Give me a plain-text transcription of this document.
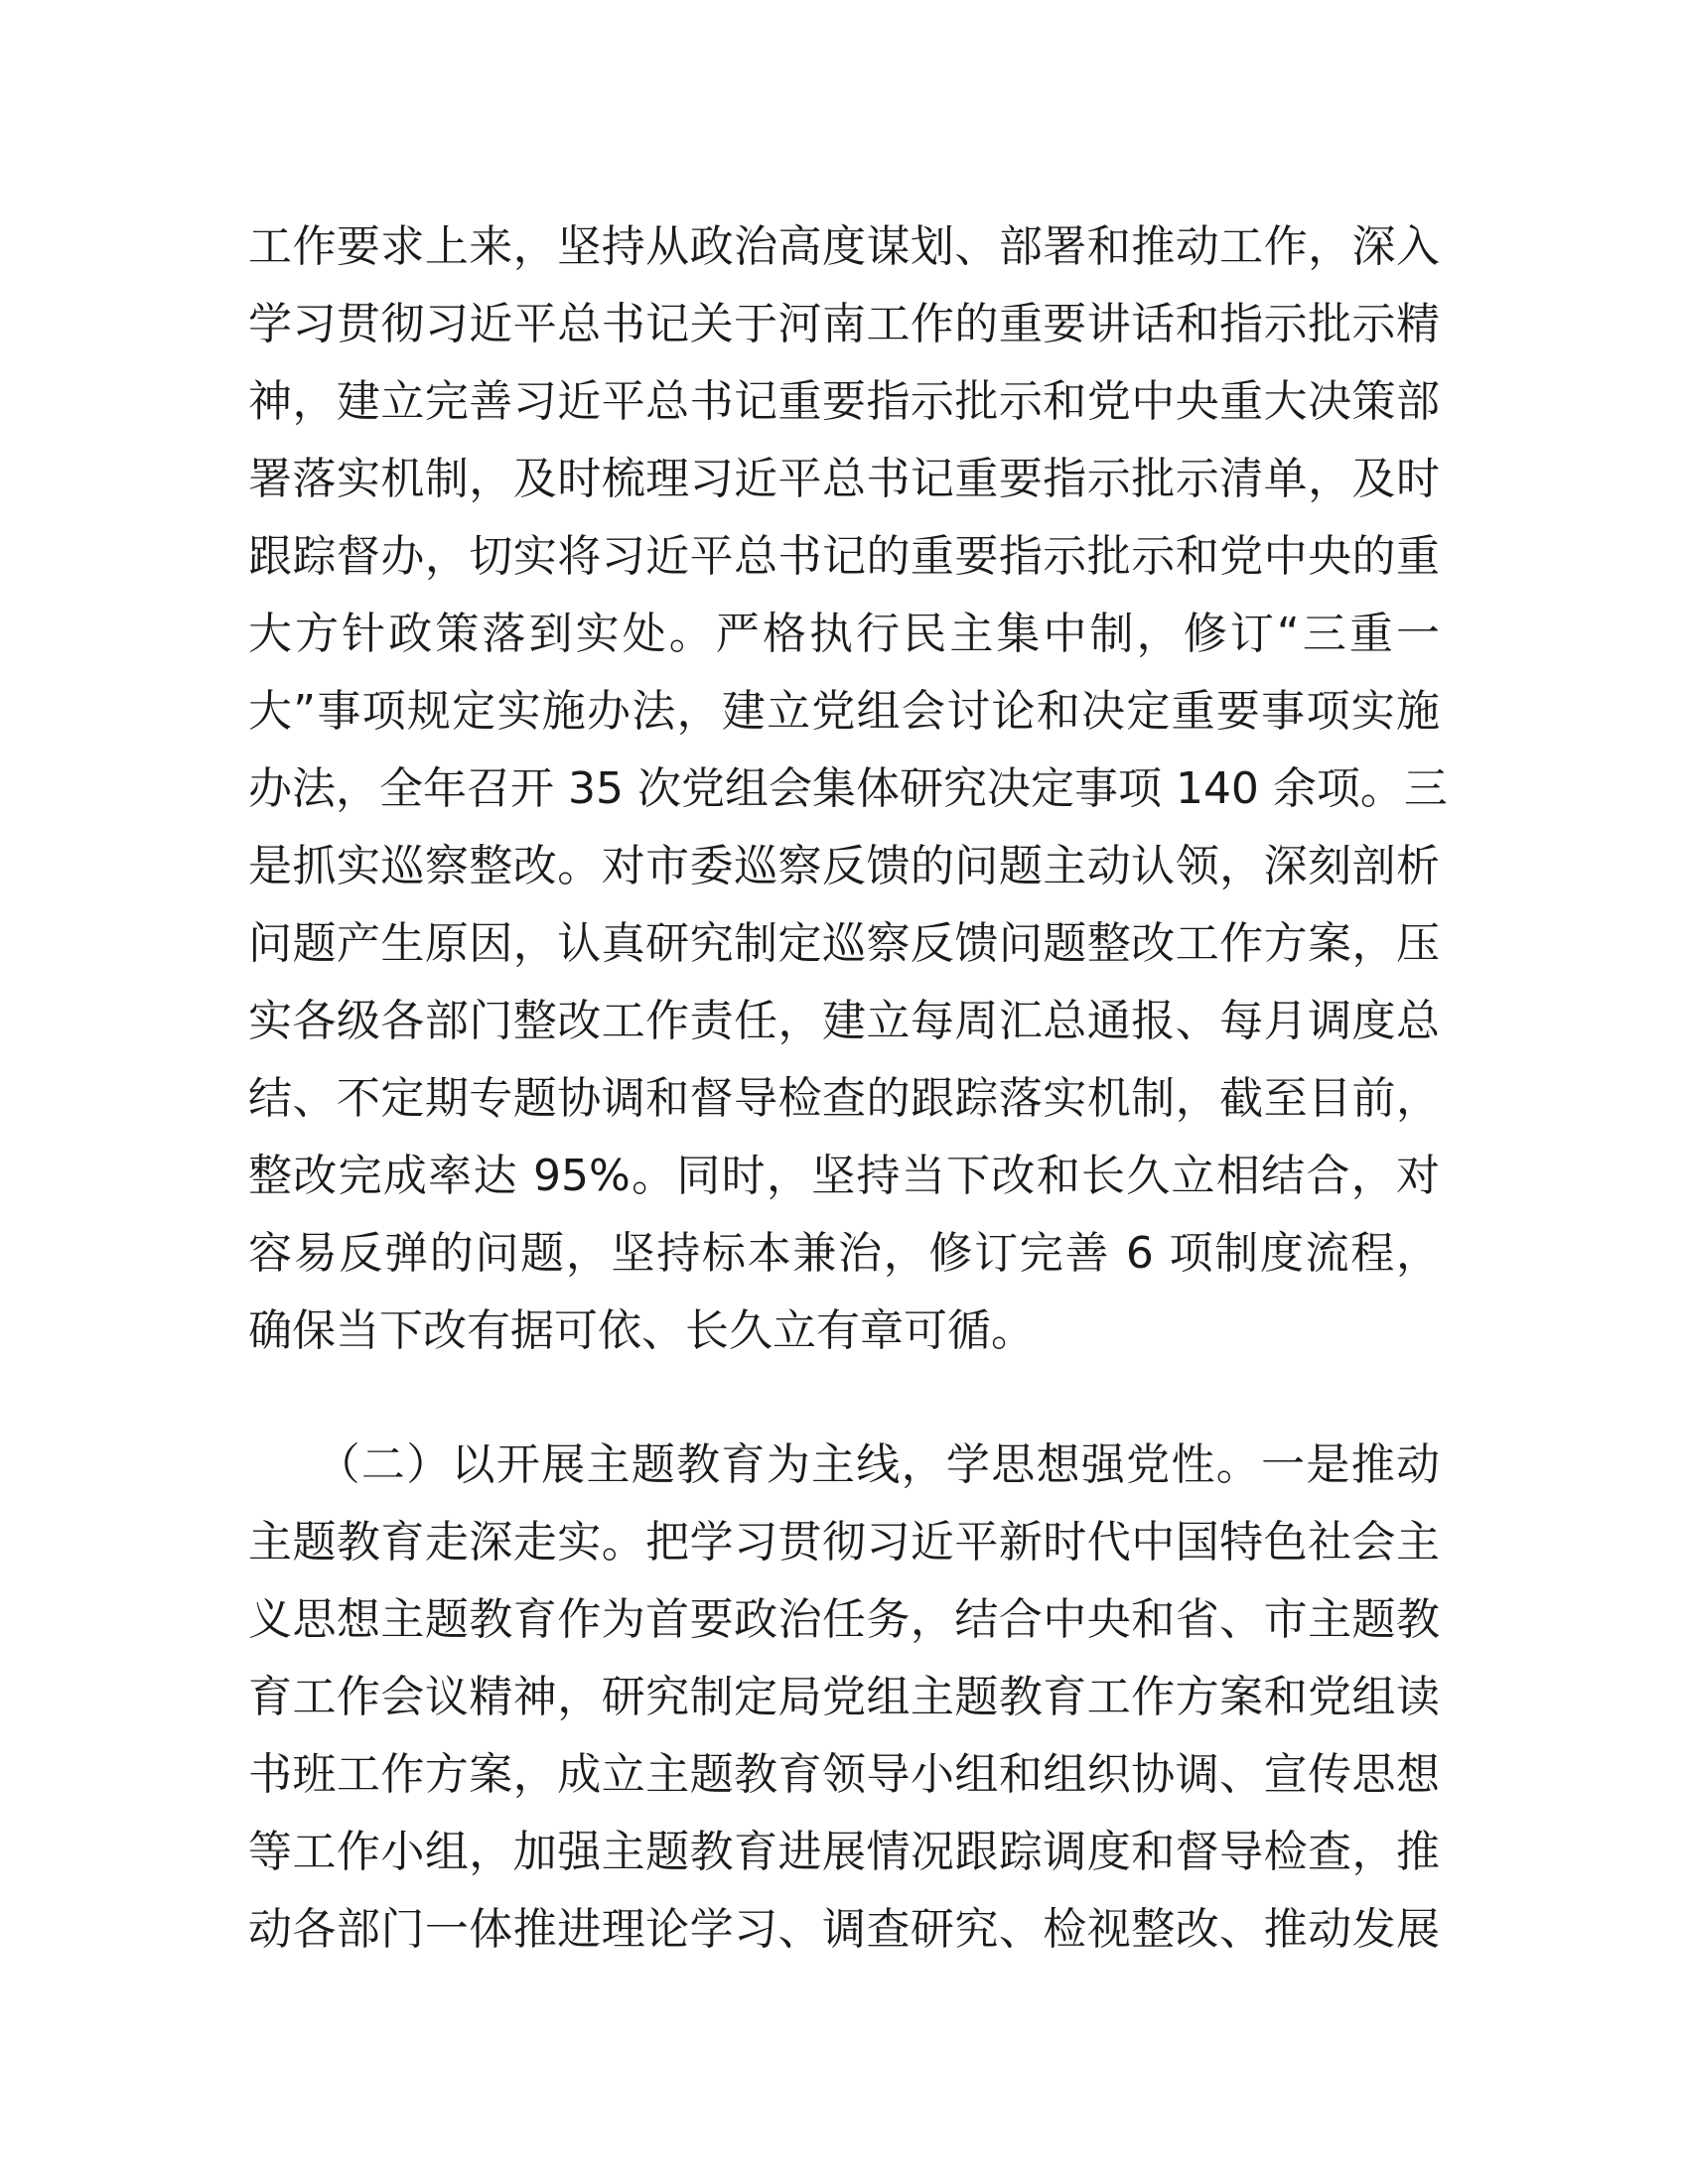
工作要求上来，坚持从政治高度谋划、部署和推动工作，深入
学习贯彻习近平总书记关于河南工作的重要讲话和指示批示精
神，建立完善习近平总书记重要指示批示和党中央重大决策部
署落实机制，及时梳理习近平总书记重要指示批示清单，及时
跟踪督办，切实将习近平总书记的重要指示批示和党中央的重
大方针政策落到实处。严格执行民主集中制，修订“三重一
大”事项规定实施办法，建立党组会讨论和决定重要事项实施
办法，全年召开 35 次党组会集体研究决定事项 140 余项。三
是抓实巡察整改。对市委巡察反馈的问题主动认领，深刻剖析
问题产生原因，认真研究制定巡察反馈问题整改工作方案，压
实各级各部门整改工作责任，建立每周汇总通报、每月调度总
结、不定期专题协调和督导检查的跟踪落实机制，截至目前，
整改完成率达 95%。同时，坚持当下改和长久立相结合，对
容易反弹的问题，坚持标本兼治，修订完善 6 项制度流程，
确保当下改有据可依、长久立有章可循。
　　（二）以开展主题教育为主线，学思想强党性。一是推动
主题教育走深走实。把学习贯彻习近平新时代中国特色社会主
义思想主题教育作为首要政治任务，结合中央和省、市主题教
育工作会议精神，研究制定局党组主题教育工作方案和党组读
书班工作方案，成立主题教育领导小组和组织协调、宣传思想
等工作小组，加强主题教育进展情况跟踪调度和督导检查，推
动各部门一体推进理论学习、调查研究、检视整改、推动发展
